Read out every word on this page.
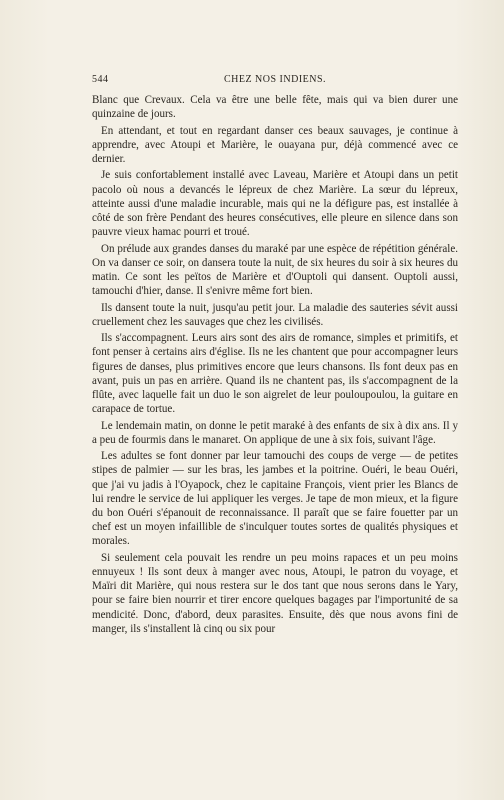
544	CHEZ NOS INDIENS.

Blanc que Crevaux. Cela va être une belle fête, mais qui va bien durer une quinzaine de jours.

En attendant, et tout en regardant danser ces beaux sauvages, je continue à apprendre, avec Atoupi et Marière, le ouayana pur, déjà commencé avec ce dernier.

Je suis confortablement installé avec Laveau, Marière et Atoupi dans un petit pacolo où nous a devancés le lépreux de chez Marière. La sœur du lépreux, atteinte aussi d'une maladie incurable, mais qui ne la défigure pas, est installée à côté de son frère Pendant des heures consécutives, elle pleure en silence dans son pauvre vieux hamac pourri et troué.

On prélude aux grandes danses du maraké par une espèce de répétition générale. On va danser ce soir, on dansera toute la nuit, de six heures du soir à six heures du matin. Ce sont les peïtos de Marière et d'Ouptoli qui dansent. Ouptoli aussi, tamouchi d'hier, danse. Il s'enivre même fort bien.

Ils dansent toute la nuit, jusqu'au petit jour. La maladie des sauteries sévit aussi cruellement chez les sauvages que chez les civilisés.

Ils s'accompagnent. Leurs airs sont des airs de romance, simples et primitifs, et font penser à certains airs d'église. Ils ne les chantent que pour accompagner leurs figures de danses, plus primitives encore que leurs chansons. Ils font deux pas en avant, puis un pas en arrière. Quand ils ne chantent pas, ils s'accompagnent de la flûte, avec laquelle fait un duo le son aigrelet de leur pouloupoulou, la guitare en carapace de tortue.

Le lendemain matin, on donne le petit maraké à des enfants de six à dix ans. Il y a peu de fourmis dans le manaret. On applique de une à six fois, suivant l'âge.

Les adultes se font donner par leur tamouchi des coups de verge — de petites stipes de palmier — sur les bras, les jambes et la poitrine. Ouéri, le beau Ouéri, que j'ai vu jadis à l'Oyapock, chez le capitaine François, vient prier les Blancs de lui rendre le service de lui appliquer les verges. Je tape de mon mieux, et la figure du bon Ouéri s'épanouit de reconnaissance. Il paraît que se faire fouetter par un chef est un moyen infaillible de s'inculquer toutes sortes de qualités physiques et morales.

Si seulement cela pouvait les rendre un peu moins rapaces et un peu moins ennuyeux ! Ils sont deux à manger avec nous, Atoupi, le patron du voyage, et Maïri dit Marière, qui nous restera sur le dos tant que nous serons dans le Yary, pour se faire bien nourrir et tirer encore quelques bagages par l'importunité de sa mendicité. Donc, d'abord, deux parasites. Ensuite, dès que nous avons fini de manger, ils s'installent là cinq ou six pour
